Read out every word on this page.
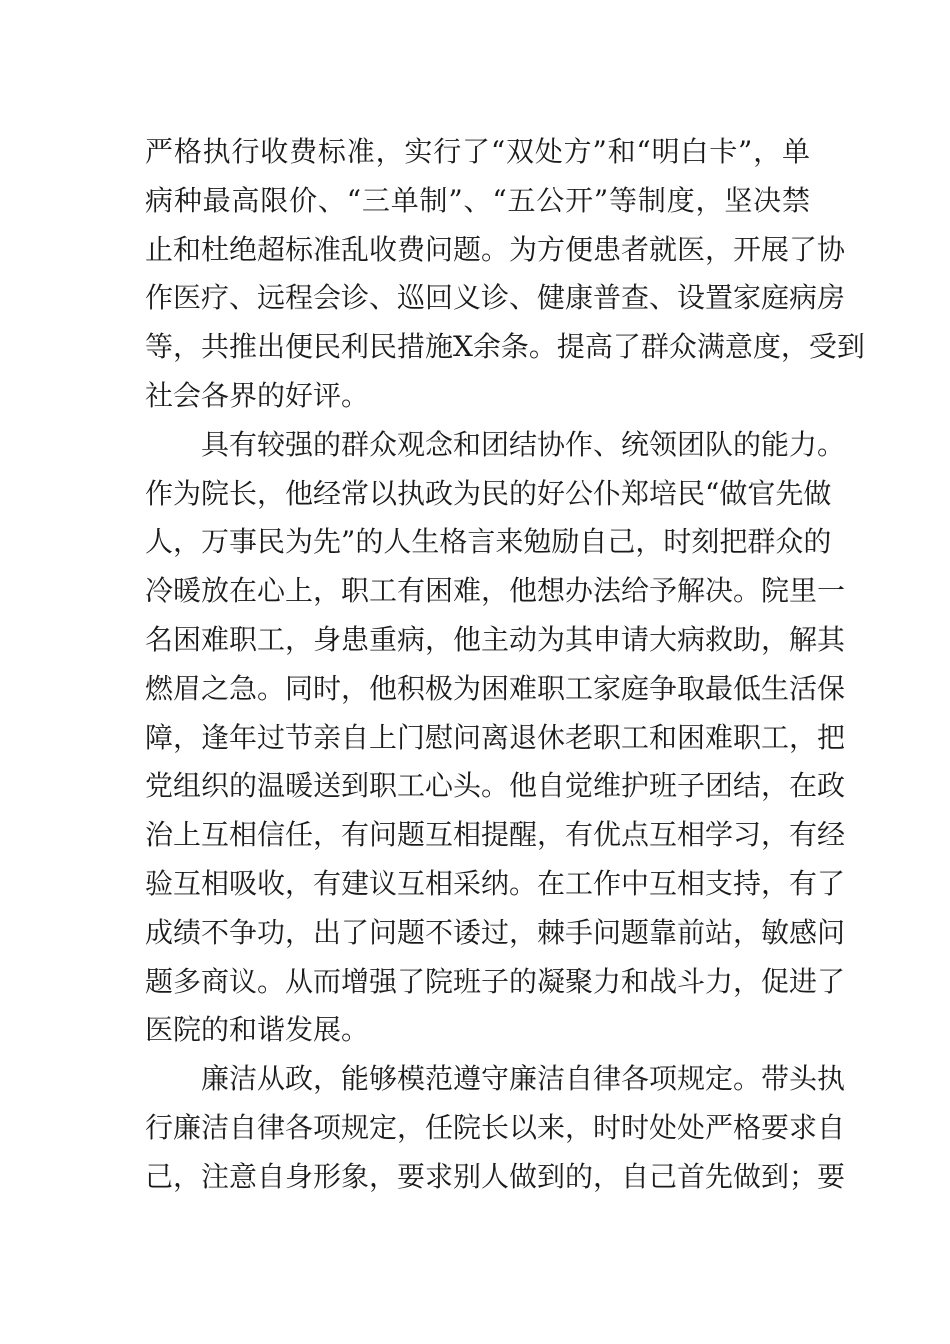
严格执行收费标准，实行了“双处方”和“明白卡”，单
病种最高限价、“三单制”、“五公开”等制度，坚决禁
止和杜绝超标准乱收费问题。为方便患者就医，开展了协
作医疗、远程会诊、巡回义诊、健康普查、设置家庭病房
等，共推出便民利民措施X余条。提高了群众满意度，受到
社会各界的好评。
具有较强的群众观念和团结协作、统领团队的能力。
作为院长，他经常以执政为民的好公仆郑培民“做官先做
人，万事民为先”的人生格言来勉励自己，时刻把群众的
冷暖放在心上，职工有困难，他想办法给予解决。院里一
名困难职工，身患重病，他主动为其申请大病救助，解其
燃眉之急。同时，他积极为困难职工家庭争取最低生活保
障，逢年过节亲自上门慰问离退休老职工和困难职工，把
党组织的温暖送到职工心头。他自觉维护班子团结，在政
治上互相信任，有问题互相提醒，有优点互相学习，有经
验互相吸收，有建议互相采纳。在工作中互相支持，有了
成绩不争功，出了问题不诿过，棘手问题靠前站，敏感问
题多商议。从而增强了院班子的凝聚力和战斗力，促进了
医院的和谐发展。
廉洁从政，能够模范遵守廉洁自律各项规定。带头执
行廉洁自律各项规定，任院长以来，时时处处严格要求自
己，注意自身形象，要求别人做到的，自己首先做到；要
